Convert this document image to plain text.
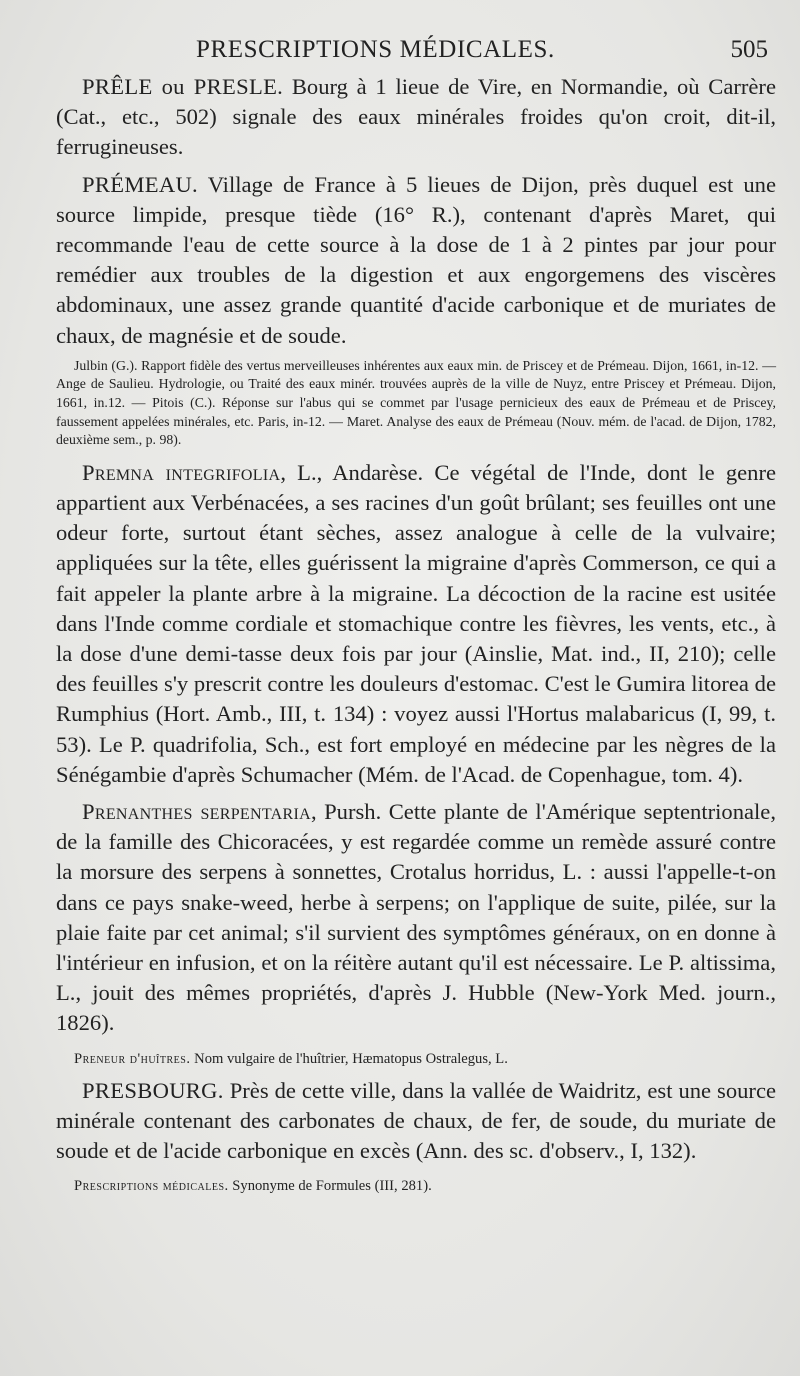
PRESCRIPTIONS MÉDICALES.	505

PRÊLE ou PRESLE. Bourg à 1 lieue de Vire, en Normandie, où Carrère (Cat., etc., 502) signale des eaux minérales froides qu'on croit, dit-il, ferrugineuses.

PRÉMEAU. Village de France à 5 lieues de Dijon, près duquel est une source limpide, presque tiède (16° R.), contenant d'après Maret, qui recommande l'eau de cette source à la dose de 1 à 2 pintes par jour pour remédier aux troubles de la digestion et aux engorgemens des viscères abdominaux, une assez grande quantité d'acide carbonique et de muriates de chaux, de magnésie et de soude.

Julbin (G.). Rapport fidèle des vertus merveilleuses inhérentes aux eaux min. de Priscey et de Prémeau. Dijon, 1661, in-12. — Ange de Saulieu. Hydrologie, ou Traité des eaux minér. trouvées auprès de la ville de Nuyz, entre Priscey et Prémeau. Dijon, 1661, in.12. — Pitois (C.). Réponse sur l'abus qui se commet par l'usage pernicieux des eaux de Prémeau et de Priscey, faussement appelées minérales, etc. Paris, in-12. — Maret. Analyse des eaux de Prémeau (Nouv. mém. de l'acad. de Dijon, 1782, deuxième sem., p. 98).

Premna integrifolia, L., Andarèse. Ce végétal de l'Inde, dont le genre appartient aux Verbénacées, a ses racines d'un goût brûlant; ses feuilles ont une odeur forte, surtout étant sèches, assez analogue à celle de la vulvaire; appliquées sur la tête, elles guérissent la migraine d'après Commerson, ce qui a fait appeler la plante arbre à la migraine. La décoction de la racine est usitée dans l'Inde comme cordiale et stomachique contre les fièvres, les vents, etc., à la dose d'une demi-tasse deux fois par jour (Ainslie, Mat. ind., II, 210); celle des feuilles s'y prescrit contre les douleurs d'estomac. C'est le Gumira litorea de Rumphius (Hort. Amb., III, t. 134) : voyez aussi l'Hortus malabaricus (I, 99, t. 53). Le P. quadrifolia, Sch., est fort employé en médecine par les nègres de la Sénégambie d'après Schumacher (Mém. de l'Acad. de Copenhague, tom. 4).

Prenanthes serpentaria, Pursh. Cette plante de l'Amérique septentrionale, de la famille des Chicoracées, y est regardée comme un remède assuré contre la morsure des serpens à sonnettes, Crotalus horridus, L. : aussi l'appelle-t-on dans ce pays snake-weed, herbe à serpens; on l'applique de suite, pilée, sur la plaie faite par cet animal; s'il survient des symptômes généraux, on en donne à l'intérieur en infusion, et on la réitère autant qu'il est nécessaire. Le P. altissima, L., jouit des mêmes propriétés, d'après J. Hubble (New-York Med. journ., 1826).

Preneur d'huîtres. Nom vulgaire de l'huîtrier, Hæmatopus Ostralegus, L.

PRESBOURG. Près de cette ville, dans la vallée de Waidritz, est une source minérale contenant des carbonates de chaux, de fer, de soude, du muriate de soude et de l'acide carbonique en excès (Ann. des sc. d'observ., I, 132).

Prescriptions médicales. Synonyme de Formules (III, 281).
